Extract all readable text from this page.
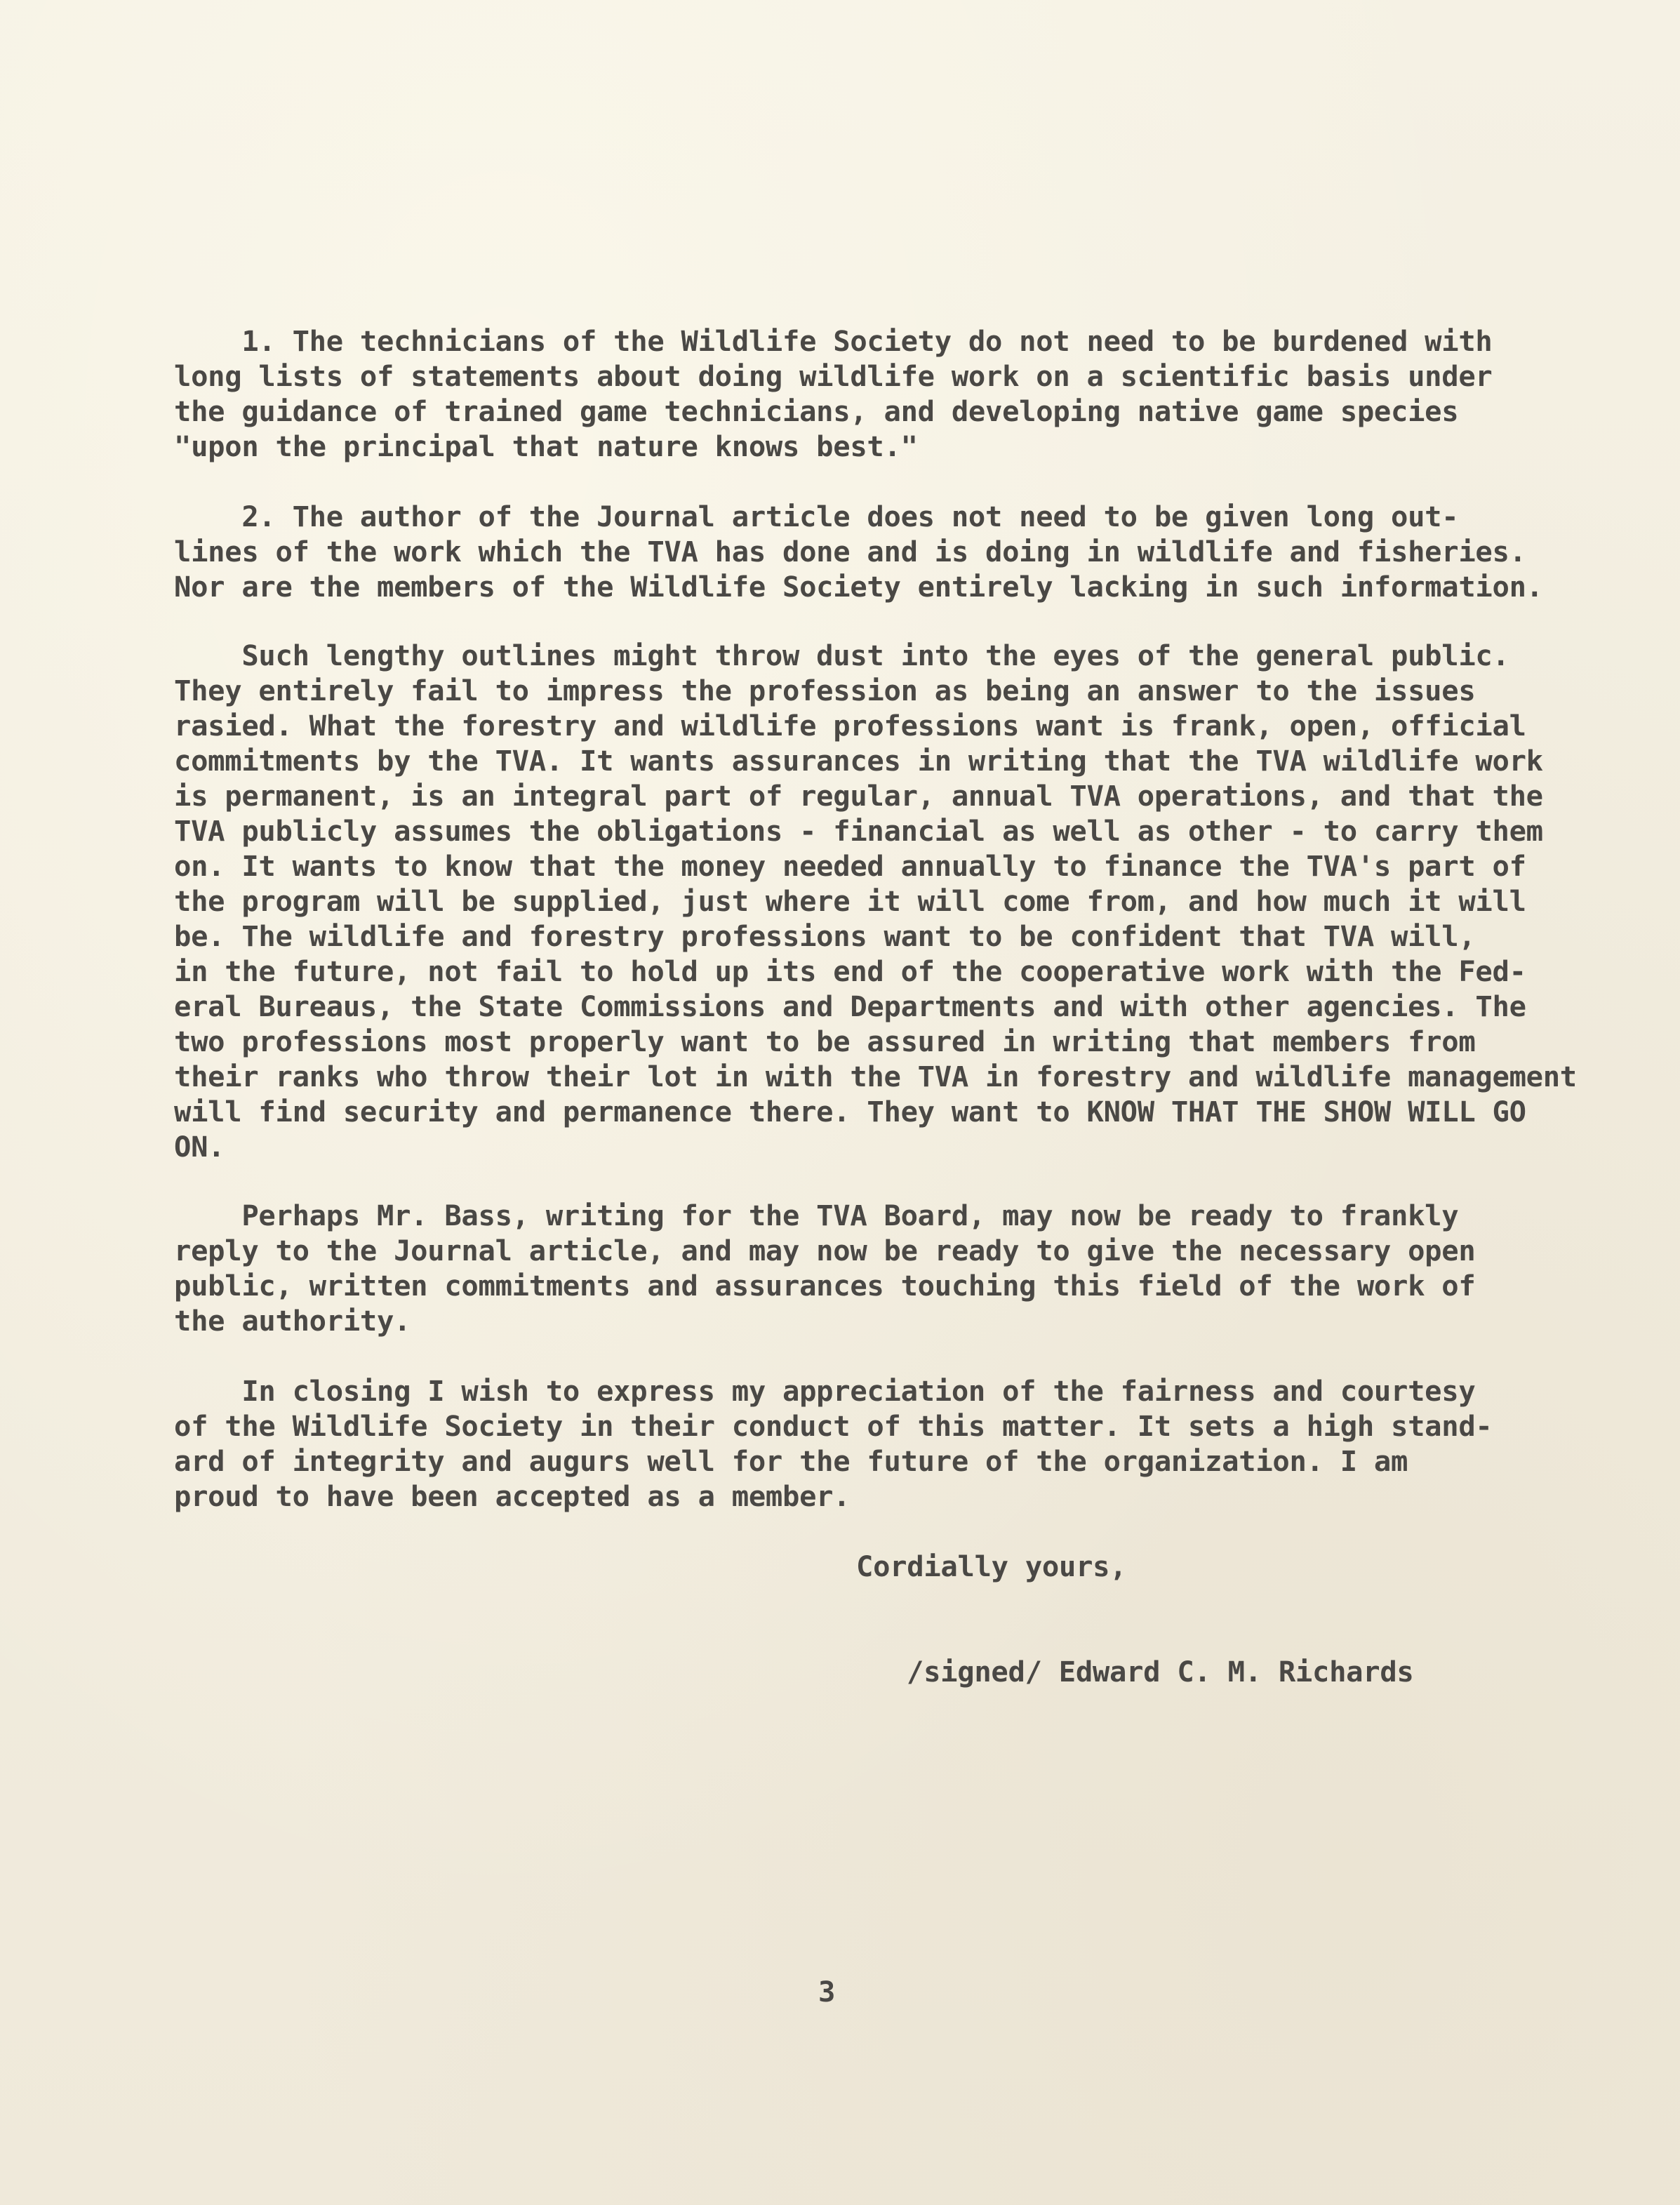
1. The technicians of the Wildlife Society do not need to be burdened with

long lists of statements about doing wildlife work on a scientific basis under

the guidance of trained game technicians, and developing native game species

"upon the principal that nature knows best."

2. The author of the Journal article does not need to be given long out-

lines of the work which the TVA has done and is doing in wildlife and fisheries.

Nor are the members of the Wildlife Society entirely lacking in such information.

Such lengthy outlines might throw dust into the eyes of the general public.

They entirely fail to impress the profession as being an answer to the issues

rasied. What the forestry and wildlife professions want is frank, open, official

commitments by the TVA. It wants assurances in writing that the TVA wildlife work

is permanent, is an integral part of regular, annual TVA operations, and that the

TVA publicly assumes the obligations - financial as well as other - to carry them

on. It wants to know that the money needed annually to finance the TVA's part of

the program will be supplied, just where it will come from, and how much it will

be. The wildlife and forestry professions want to be confident that TVA will,

in the future, not fail to hold up its end of the cooperative work with the Fed-

eral Bureaus, the State Commissions and Departments and with other agencies. The

two professions most properly want to be assured in writing that members from

their ranks who throw their lot in with the TVA in forestry and wildlife management

will find security and permanence there. They want to KNOW THAT THE SHOW WILL GO

ON.

Perhaps Mr. Bass, writing for the TVA Board, may now be ready to frankly

reply to the Journal article, and may now be ready to give the necessary open

public, written commitments and assurances touching this field of the work of

the authority.

In closing I wish to express my appreciation of the fairness and courtesy

of the Wildlife Society in their conduct of this matter. It sets a high stand-

ard of integrity and augurs well for the future of the organization. I am

proud to have been accepted as a member.

Cordially yours,

/signed/ Edward C. M. Richards

3
